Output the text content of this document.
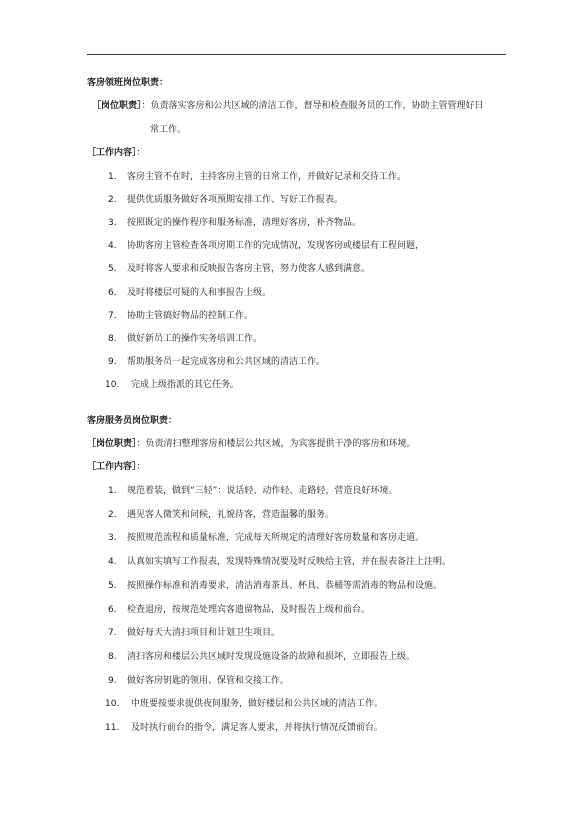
客房领班岗位职责：
［岗位职责］：负责落实客房和公共区域的清洁工作，督导和检查服务员的工作，协助主管管理好日
常工作。
［工作内容］：
1. 客房主管不在时，主持客房主管的日常工作，并做好记录和交待工作。
2. 提供优质服务做好各项预期安排工作、写好工作报表。
3. 按照既定的操作程序和服务标准，清理好客房，补齐物品。
4. 协助客房主管检查各项房期工作的完成情况，发现客房或楼层有工程问题，
5. 及时将客人要求和反映报告客房主管，努力使客人感到满意。
6. 及时将楼层可疑的人和事报告上级。
7. 协助主管搞好物品的控制工作。
8. 做好新员工的操作实务培训工作。
9. 帮助服务员一起完成客房和公共区域的清洁工作。
10. 完成上级指派的其它任务。
客房服务员岗位职责：
［岗位职责］：负责清扫整理客房和楼层公共区域，为宾客提供干净的客房和环境。
［工作内容］：
1. 规范着装，做到“三轻”：说话轻、动作轻、走路轻，营造良好环境。
2. 遇见客人微笑和问候，礼貌待客，营造温馨的服务。
3. 按照规范流程和质量标准，完成每天所规定的清理好客房数量和客房走道。
4. 认真如实填写工作报表，发现特殊情况要及时反映给主管，并在报表备注上注明。
5. 按照操作标准和消毒要求，清洁消毒茶具、杯具、恭桶等需消毒的物品和设施。
6. 检查退房，按规范处理宾客遗留物品，及时报告上级和前台。
7. 做好每天大清扫项目和计划卫生项目。
8. 清扫客房和楼层公共区域时发现设施设备的故障和损坏，立即报告上级。
9. 做好客房钥匙的领用、保管和交接工作。
10. 中班要按要求提供夜间服务，做好楼层和公共区域的清洁工作。
11. 及时执行前台的指令，满足客人要求，并将执行情况反馈前台。
